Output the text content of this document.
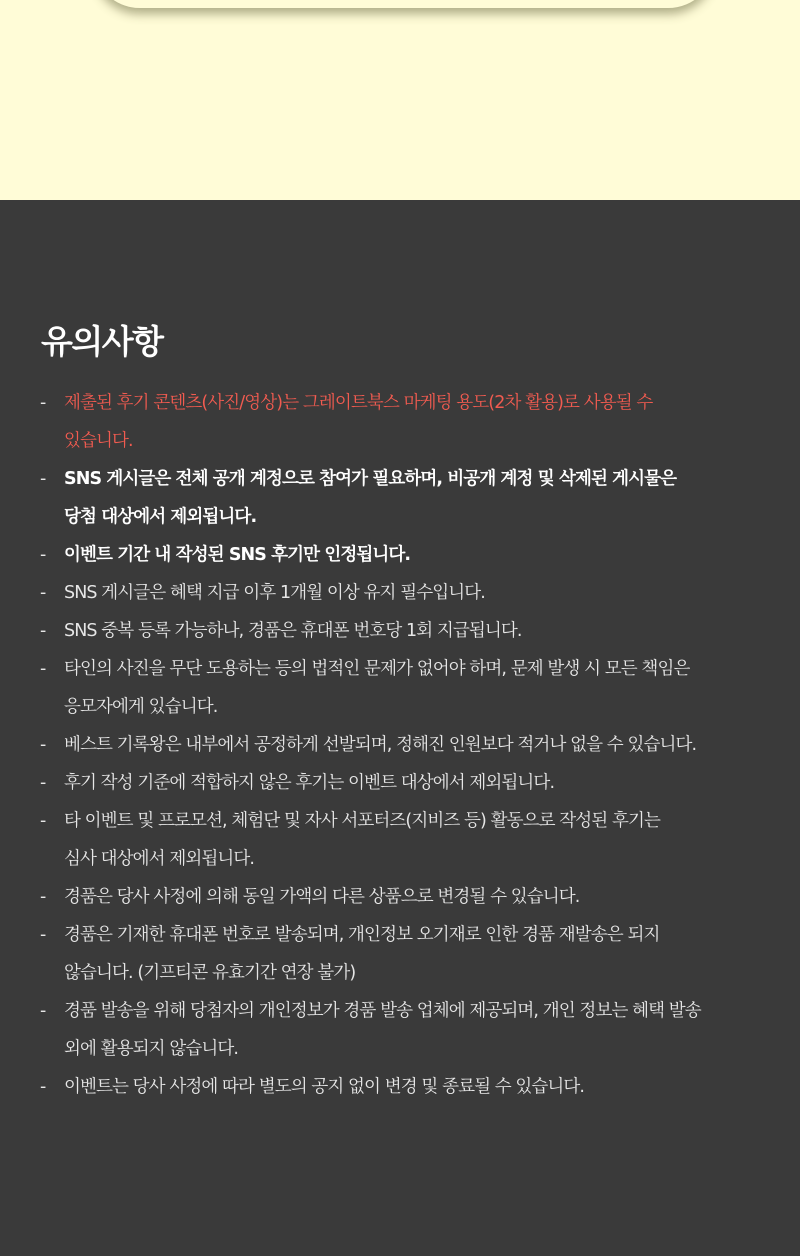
유의사항
-	제출된 후기 콘텐츠(사진/영상)는 그레이트북스 마케팅 용도(2차 활용)로 사용될 수
있습니다.
-	SNS 게시글은 전체 공개 계정으로 참여가 필요하며, 비공개 계정 및 삭제된 게시물은
당첨 대상에서 제외됩니다.
-	이벤트 기간 내 작성된 SNS 후기만 인정됩니다.
-	SNS 게시글은 혜택 지급 이후 1개월 이상 유지 필수입니다.
-	SNS 중복 등록 가능하나, 경품은 휴대폰 번호당 1회 지급됩니다.
-	타인의 사진을 무단 도용하는 등의 법적인 문제가 없어야 하며, 문제 발생 시 모든 책임은
응모자에게 있습니다.
-	베스트 기록왕은 내부에서 공정하게 선발되며, 정해진 인원보다 적거나 없을 수 있습니다.
-	후기 작성 기준에 적합하지 않은 후기는 이벤트 대상에서 제외됩니다.
-	타 이벤트 및 프로모션, 체험단 및 자사 서포터즈(지비즈 등) 활동으로 작성된 후기는
심사 대상에서 제외됩니다.
-	경품은 당사 사정에 의해 동일 가액의 다른 상품으로 변경될 수 있습니다.
-	경품은 기재한 휴대폰 번호로 발송되며, 개인정보 오기재로 인한 경품 재발송은 되지
않습니다. (기프티콘 유효기간 연장 불가)
-	경품 발송을 위해 당첨자의 개인정보가 경품 발송 업체에 제공되며, 개인 정보는 혜택 발송
외에 활용되지 않습니다.
-	이벤트는 당사 사정에 따라 별도의 공지 없이 변경 및 종료될 수 있습니다.
